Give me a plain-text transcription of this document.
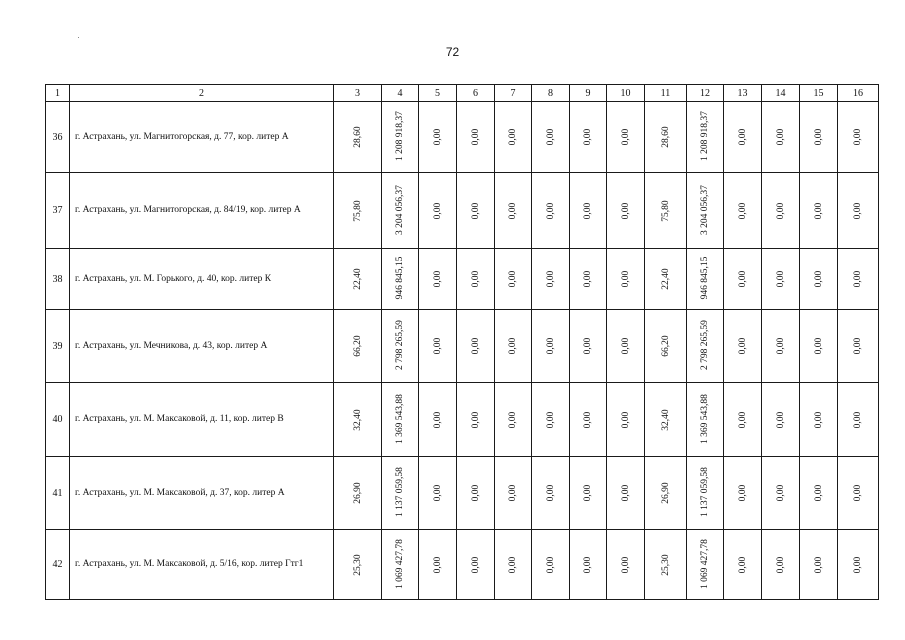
72
1	2	3	4	5	6	7	8	9	10	11	12	13	14	15	16
36	г. Астрахань, ул. Магнитогорская, д. 77, кор. литер А	28,60	1 208 918,37	0,00	0,00	0,00	0,00	0,00	0,00	28,60	1 208 918,37	0,00	0,00	0,00	0,00

37	г. Астрахань, ул. Магнитогорская, д. 84/19, кор. литер А	75,80	3 204 056,37	0,00	0,00	0,00	0,00	0,00	0,00	75,80	3 204 056,37	0,00	0,00	0,00	0,00

38	г. Астрахань, ул. М. Горького, д. 40, кор. литер К	22,40	946 845,15	0,00	0,00	0,00	0,00	0,00	0,00	22,40	946 845,15	0,00	0,00	0,00	0,00

39	г. Астрахань, ул. Мечникова, д. 43, кор. литер А	66,20	2 798 265,59	0,00	0,00	0,00	0,00	0,00	0,00	66,20	2 798 265,59	0,00	0,00	0,00	0,00

40	г. Астрахань, ул. М. Максаковой, д. 11, кор. литер В	32,40	1 369 543,88	0,00	0,00	0,00	0,00	0,00	0,00	32,40	1 369 543,88	0,00	0,00	0,00	0,00

41	г. Астрахань, ул. М. Максаковой, д. 37, кор. литер А	26,90	1 137 059,58	0,00	0,00	0,00	0,00	0,00	0,00	26,90	1 137 059,58	0,00	0,00	0,00	0,00

42	г. Астрахань, ул. М. Максаковой, д. 5/16, кор. литер Гтг1	25,30	1 069 427,78	0,00	0,00	0,00	0,00	0,00	0,00	25,30	1 069 427,78	0,00	0,00	0,00	0,00
